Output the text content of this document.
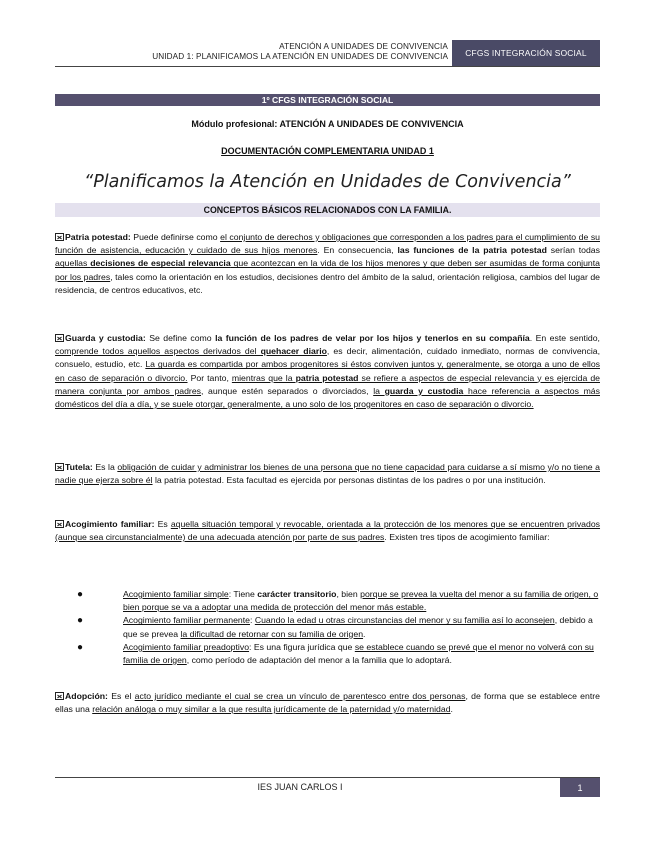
ATENCIÓN A UNIDADES DE CONVIVENCIA
UNIDAD 1: PLANIFICAMOS LA ATENCIÓN EN UNIDADES DE CONVIVENCIA	CFGS INTEGRACIÓN SOCIAL
1º CFGS INTEGRACIÓN SOCIAL
Módulo profesional: ATENCIÓN A UNIDADES DE CONVIVENCIA
DOCUMENTACIÓN COMPLEMENTARIA UNIDAD 1
“Planificamos la Atención en Unidades de Convivencia”
CONCEPTOS BÁSICOS RELACIONADOS CON LA FAMILIA.
Patria potestad: Puede definirse como el conjunto de derechos y obligaciones que corresponden a los padres para el cumplimiento de su función de asistencia, educación y cuidado de sus hijos menores. En consecuencia, las funciones de la patria potestad serían todas aquellas decisiones de especial relevancia que acontezcan en la vida de los hijos menores y que deben ser asumidas de forma conjunta por los padres, tales como la orientación en los estudios, decisiones dentro del ámbito de la salud, orientación religiosa, cambios del lugar de residencia, de centros educativos, etc.
Guarda y custodia: Se define como la función de los padres de velar por los hijos y tenerlos en su compañía. En este sentido, comprende todos aquellos aspectos derivados del quehacer diario, es decir, alimentación, cuidado inmediato, normas de convivencia, consuelo, estudio, etc. La guarda es compartida por ambos progenitores si éstos conviven juntos y, generalmente, se otorga a uno de ellos en caso de separación o divorcio. Por tanto, mientras que la patria potestad se refiere a aspectos de especial relevancia y es ejercida de manera conjunta por ambos padres, aunque estén separados o divorciados, la guarda y custodia hace referencia a aspectos más domésticos del día a día, y se suele otorgar, generalmente, a uno solo de los progenitores en caso de separación o divorcio.
Tutela: Es la obligación de cuidar y administrar los bienes de una persona que no tiene capacidad para cuidarse a sí mismo y/o no tiene a nadie que ejerza sobre él la patria potestad. Esta facultad es ejercida por personas distintas de los padres o por una institución.
Acogimiento familiar: Es aquella situación temporal y revocable, orientada a la protección de los menores que se encuentren privados (aunque sea circunstancialmente) de una adecuada atención por parte de sus padres. Existen tres tipos de acogimiento familiar:
●	Acogimiento familiar simple: Tiene carácter transitorio, bien porque se prevea la vuelta del menor a su familia de origen, o bien porque se va a adoptar una medida de protección del menor más estable.
●	Acogimiento familiar permanente: Cuando la edad u otras circunstancias del menor y su familia así lo aconsejen, debido a que se prevea la dificultad de retornar con su familia de origen.
●	Acogimiento familiar preadoptivo: Es una figura jurídica que se establece cuando se prevé que el menor no volverá con su familia de origen, como período de adaptación del menor a la familia que lo adoptará.
Adopción: Es el acto jurídico mediante el cual se crea un vínculo de parentesco entre dos personas, de forma que se establece entre ellas una relación análoga o muy similar a la que resulta jurídicamente de la paternidad y/o maternidad.
IES JUAN CARLOS I	1
